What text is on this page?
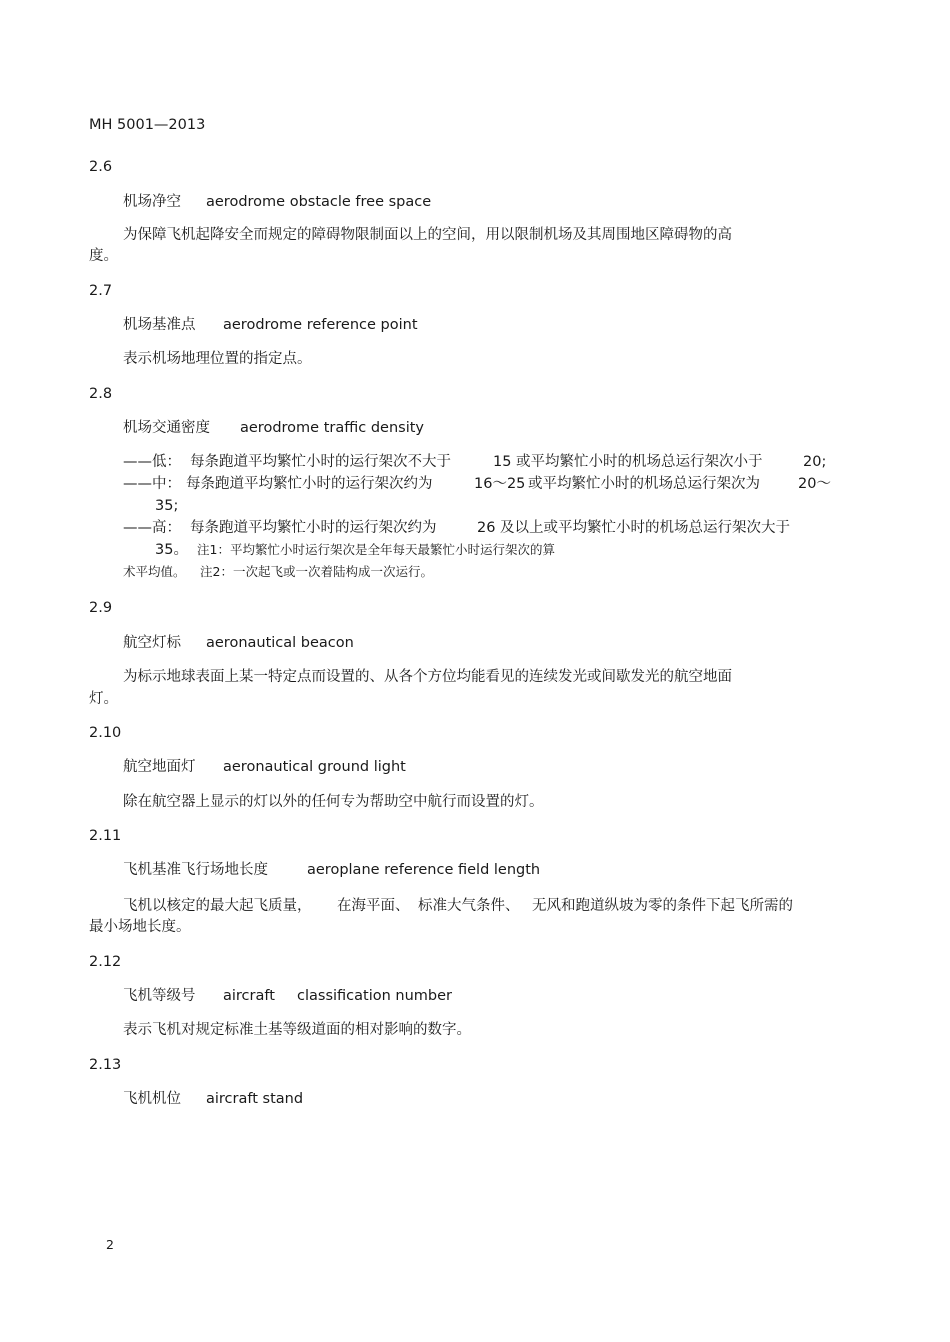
MH 5001—2013
2.6
机场净空 aerodrome obstacle free space
为保障飞机起降安全而规定的障碍物限制面以上的空间，用以限制机场及其周围地区障碍物的高
度。
2.7
机场基准点 aerodrome reference point
表示机场地理位置的指定点。
2.8
机场交通密度 aerodrome traffic density
——低： 每条跑道平均繁忙小时的运行架次不大于	15 或平均繁忙小时的机场总运行架次小于	20;
——中： 每条跑道平均繁忙小时的运行架次约为	16～25 或平均繁忙小时的机场总运行架次为	20～
35;
——高： 每条跑道平均繁忙小时的运行架次约为	26 及以上或平均繁忙小时的机场总运行架次大于
35。 注1：平均繁忙小时运行架次是全年每天最繁忙小时运行架次的算
术平均值。 注2：一次起飞或一次着陆构成一次运行。
2.9
航空灯标 aeronautical beacon
为标示地球表面上某一特定点而设置的、从各个方位均能看见的连续发光或间歇发光的航空地面
灯。
2.10
航空地面灯 aeronautical ground light
除在航空器上显示的灯以外的任何专为帮助空中航行而设置的灯。
2.11
飞机基准飞行场地长度	aeroplane reference field length
飞机以核定的最大起飞质量， 在海平面、 标准大气条件、 无风和跑道纵坡为零的条件下起飞所需的
最小场地长度。
2.12
飞机等级号 aircraft classification number
表示飞机对规定标准土基等级道面的相对影响的数字。
2.13
飞机机位 aircraft stand
2
